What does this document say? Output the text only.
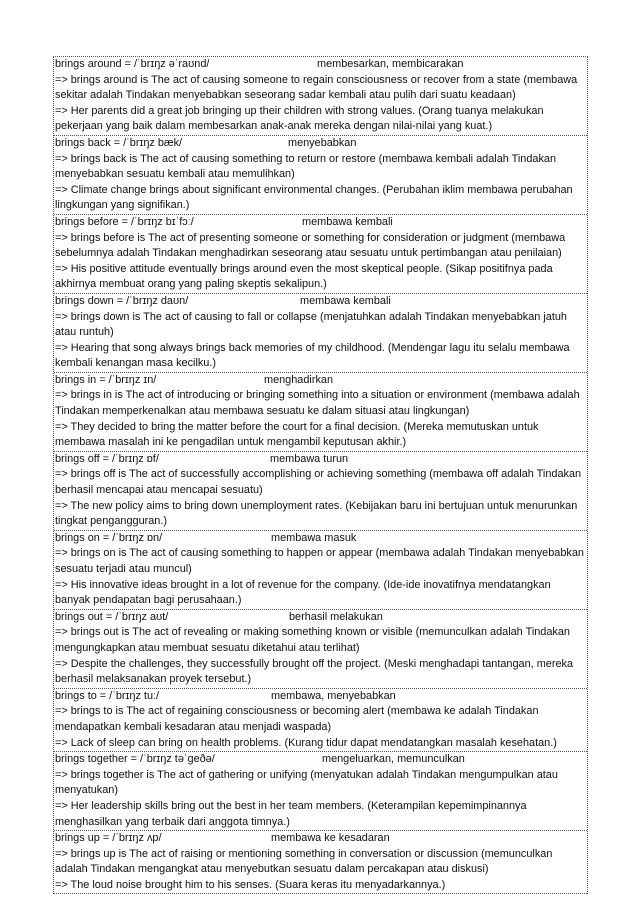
brings around = /ˈbrɪŋz əˈraʊnd/	membesarkan, membicarakan
=> brings around is The act of causing someone to regain consciousness or recover from a state (membawa sekitar adalah Tindakan menyebabkan seseorang sadar kembali atau pulih dari suatu keadaan)
=> Her parents did a great job bringing up their children with strong values. (Orang tuanya melakukan pekerjaan yang baik dalam membesarkan anak-anak mereka dengan nilai-nilai yang kuat.)
brings back = /ˈbrɪŋz bæk/	menyebabkan
=> brings back is The act of causing something to return or restore (membawa kembali adalah Tindakan menyebabkan sesuatu kembali atau memulihkan)
=> Climate change brings about significant environmental changes. (Perubahan iklim membawa perubahan lingkungan yang signifikan.)
brings before = /ˈbrɪŋz bɪˈfɔː/	membawa kembali
=> brings before is The act of presenting someone or something for consideration or judgment (membawa sebelumnya adalah Tindakan menghadirkan seseorang atau sesuatu untuk pertimbangan atau penilaian)
=> His positive attitude eventually brings around even the most skeptical people. (Sikap positifnya pada akhirnya membuat orang yang paling skeptis sekalipun.)
brings down = /ˈbrɪŋz daʊn/	membawa kembali
=> brings down is The act of causing to fall or collapse (menjatuhkan adalah Tindakan menyebabkan jatuh atau runtuh)
=> Hearing that song always brings back memories of my childhood. (Mendengar lagu itu selalu membawa kembali kenangan masa kecilku.)
brings in = /ˈbrɪŋz ɪn/	menghadirkan
=> brings in is The act of introducing or bringing something into a situation or environment (membawa adalah Tindakan memperkenalkan atau membawa sesuatu ke dalam situasi atau lingkungan)
=> They decided to bring the matter before the court for a final decision. (Mereka memutuskan untuk membawa masalah ini ke pengadilan untuk mengambil keputusan akhir.)
brings off = /ˈbrɪŋz ɒf/	membawa turun
=> brings off is The act of successfully accomplishing or achieving something (membawa off adalah Tindakan berhasil mencapai atau mencapai sesuatu)
=> The new policy aims to bring down unemployment rates. (Kebijakan baru ini bertujuan untuk menurunkan tingkat pengangguran.)
brings on = /ˈbrɪŋz ɒn/	membawa masuk
=> brings on is The act of causing something to happen or appear (membawa adalah Tindakan menyebabkan sesuatu terjadi atau muncul)
=> His innovative ideas brought in a lot of revenue for the company. (Ide-ide inovatifnya mendatangkan banyak pendapatan bagi perusahaan.)
brings out = /ˈbrɪŋz aʊt/	berhasil melakukan
=> brings out is The act of revealing or making something known or visible (memunculkan adalah Tindakan mengungkapkan atau membuat sesuatu diketahui atau terlihat)
=> Despite the challenges, they successfully brought off the project. (Meski menghadapi tantangan, mereka berhasil melaksanakan proyek tersebut.)
brings to = /ˈbrɪŋz tuː/	membawa, menyebabkan
=> brings to is The act of regaining consciousness or becoming alert (membawa ke adalah Tindakan mendapatkan kembali kesadaran atau menjadi waspada)
=> Lack of sleep can bring on health problems. (Kurang tidur dapat mendatangkan masalah kesehatan.)
brings together = /ˈbrɪŋz təˈɡeðə/	mengeluarkan, memunculkan
=> brings together is The act of gathering or unifying (menyatukan adalah Tindakan mengumpulkan atau menyatukan)
=> Her leadership skills bring out the best in her team members. (Keterampilan kepemimpinannya menghasilkan yang terbaik dari anggota timnya.)
brings up = /ˈbrɪŋz ʌp/	membawa ke kesadaran
=> brings up is The act of raising or mentioning something in conversation or discussion (memunculkan adalah Tindakan mengangkat atau menyebutkan sesuatu dalam percakapan atau diskusi)
=> The loud noise brought him to his senses. (Suara keras itu menyadarkannya.)
